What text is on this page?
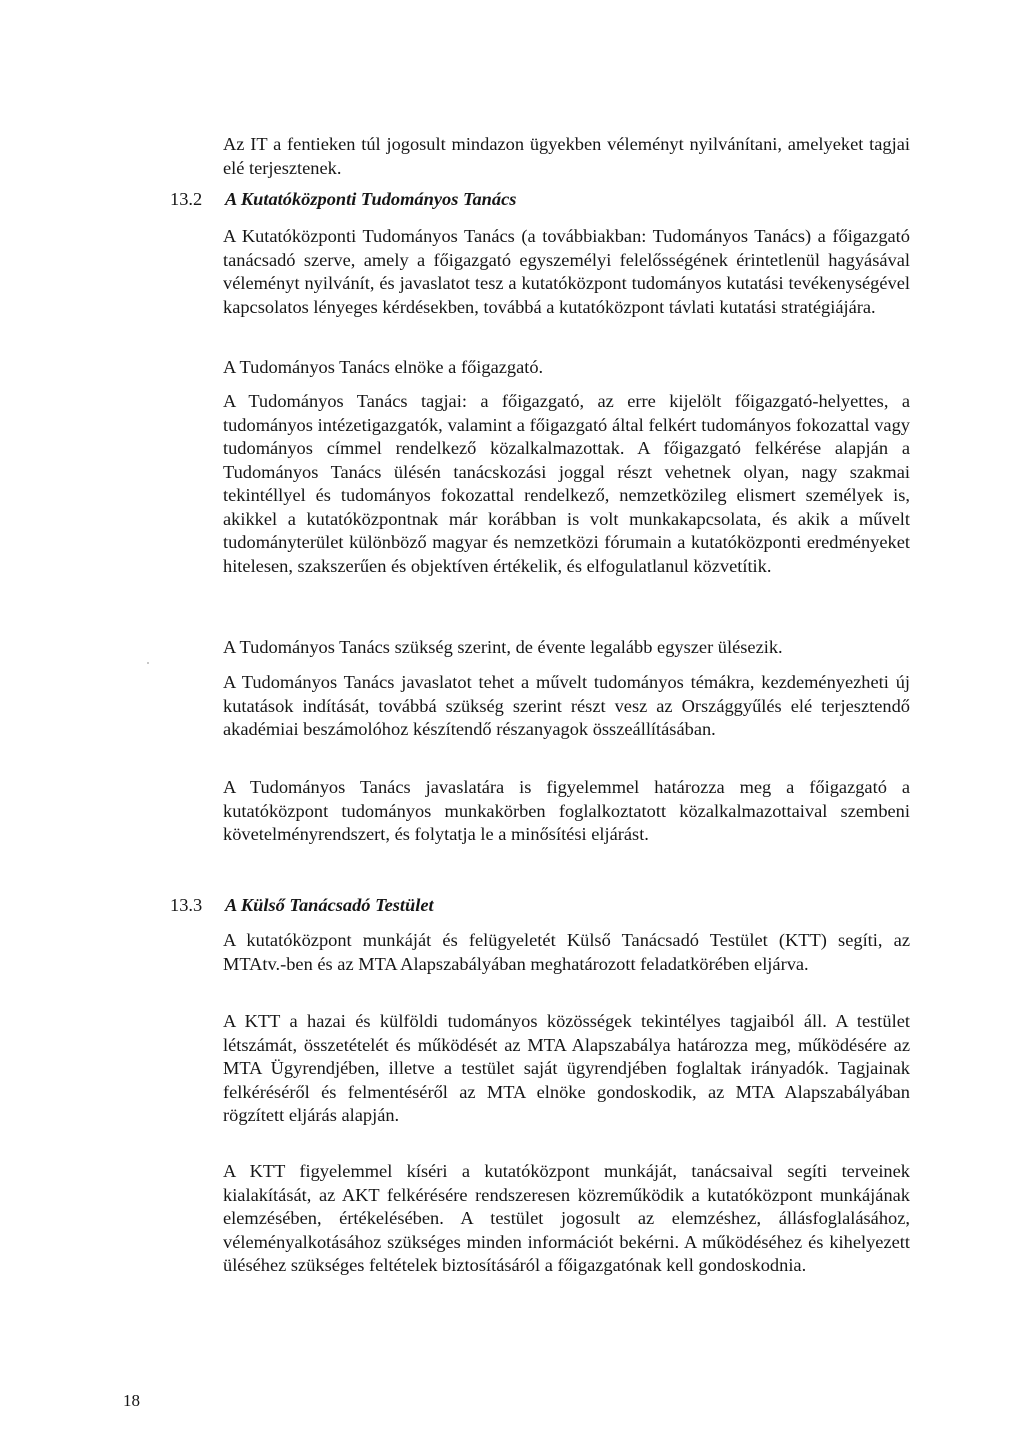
Az IT a fentieken túl jogosult mindazon ügyekben véleményt nyilvánítani, amelyeket tagjai elé terjesztenek.

13.2 A Kutatóközponti Tudományos Tanács

A Kutatóközponti Tudományos Tanács (a továbbiakban: Tudományos Tanács) a főigazgató tanácsadó szerve, amely a főigazgató egyszemélyi felelősségének érintetlenül hagyásával véleményt nyilvánít, és javaslatot tesz a kutatóközpont tudományos kutatási tevékenységével kapcsolatos lényeges kérdésekben, továbbá a kutatóközpont távlati kutatási stratégiájára.

A Tudományos Tanács elnöke a főigazgató.

A Tudományos Tanács tagjai: a főigazgató, az erre kijelölt főigazgató-helyettes, a tudományos intézetigazgatók, valamint a főigazgató által felkért tudományos fokozattal vagy tudományos címmel rendelkező közalkalmazottak. A főigazgató felkérése alapján a Tudományos Tanács ülésén tanácskozási joggal részt vehetnek olyan, nagy szakmai tekintéllyel és tudományos fokozattal rendelkező, nemzetközileg elismert személyek is, akikkel a kutatóközpontnak már korábban is volt munkakapcsolata, és akik a művelt tudományterület különböző magyar és nemzetközi fórumain a kutatóközponti eredményeket hitelesen, szakszerűen és objektíven értékelik, és elfogulatlanul közvetítik.

A Tudományos Tanács szükség szerint, de évente legalább egyszer ülésezik.

A Tudományos Tanács javaslatot tehet a művelt tudományos témákra, kezdeményezheti új kutatások indítását, továbbá szükség szerint részt vesz az Országgyűlés elé terjesztendő akadémiai beszámolóhoz készítendő részanyagok összeállításában.

A Tudományos Tanács javaslatára is figyelemmel határozza meg a főigazgató a kutatóközpont tudományos munkakörben foglalkoztatott közalkalmazottaival szembeni követelményrendszert, és folytatja le a minősítési eljárást.

13.3 A Külső Tanácsadó Testület

A kutatóközpont munkáját és felügyeletét Külső Tanácsadó Testület (KTT) segíti, az MTAtv.-ben és az MTA Alapszabályában meghatározott feladatkörében eljárva.

A KTT a hazai és külföldi tudományos közösségek tekintélyes tagjaiból áll. A testület létszámát, összetételét és működését az MTA Alapszabálya határozza meg, működésére az MTA Ügyrendjében, illetve a testület saját ügyrendjében foglaltak irányadók. Tagjainak felkéréséről és felmentéséről az MTA elnöke gondoskodik, az MTA Alapszabályában rögzített eljárás alapján.

A KTT figyelemmel kíséri a kutatóközpont munkáját, tanácsaival segíti terveinek kialakítását, az AKT felkérésére rendszeresen közreműködik a kutatóközpont munkájának elemzésében, értékelésében. A testület jogosult az elemzéshez, állásfoglalásához, véleményalkotásához szükséges minden információt bekérni. A működéséhez és kihelyezett üléséhez szükséges feltételek biztosításáról a főigazgatónak kell gondoskodnia.

18
